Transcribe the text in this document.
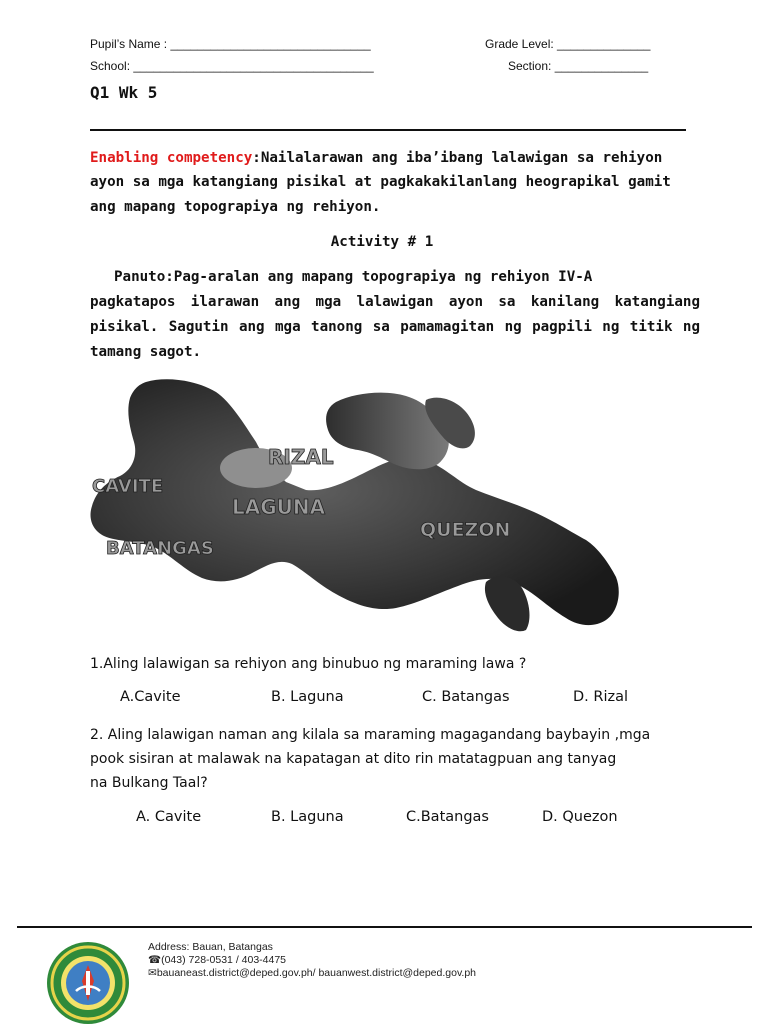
Pupil’s Name : ______________________________	Grade Level: ______________
School: ____________________________________	Section: ______________
Q1 Wk 5
Enabling competency:Nailalarawan ang iba’ibang lalawigan sa rehiyon
ayon sa mga katangiang pisikal at pagkakakilanlang heograpikal gamit
ang mapang topograpiya ng rehiyon.
Activity # 1
Panuto:Pag-aralan ang mapang topograpiya ng rehiyon IV-A
pagkatapos ilarawan ang mga lalawigan ayon sa kanilang katangiang
pisikal. Sagutin ang mga tanong sa pamamagitan ng pagpili ng titik ng
tamang sagot.
RIZAL
CAVITE
LAGUNA
QUEZON
BATANGAS
1.Aling lalawigan sa rehiyon ang binubuo ng maraming lawa ?
A.Cavite	B. Laguna	C. Batangas	D. Rizal
2. Aling lalawigan naman ang kilala sa maraming magagandang baybayin ,mga
pook sisiran at malawak na kapatagan at dito rin matatagpuan ang tanyag
na Bulkang Taal?
A. Cavite	B. Laguna	C.Batangas	D. Quezon
Address: Bauan, Batangas
☎(043) 728-0531 / 403-4475
✉bauaneast.district@deped.gov.ph/ bauanwest.district@deped.gov.ph
